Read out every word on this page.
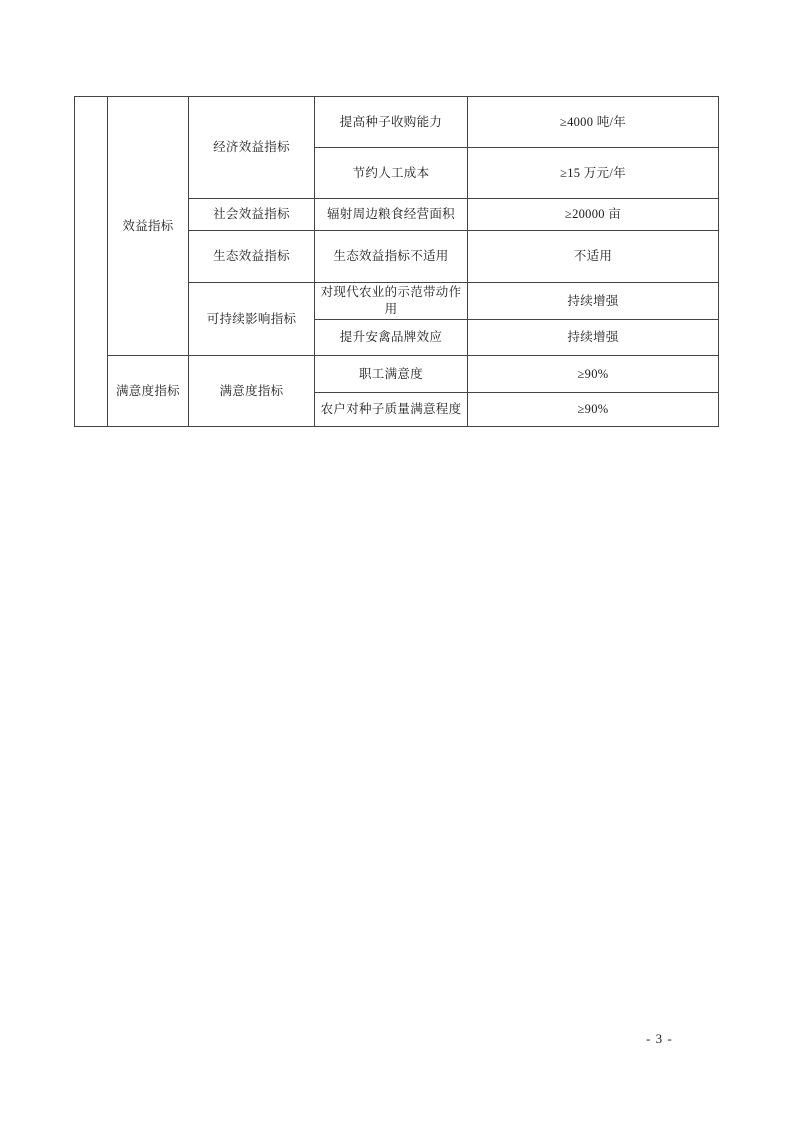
	效益指标	经济效益指标	提高种子收购能力	≥4000 吨/年
			节约人工成本	≥15 万元/年
		社会效益指标	辐射周边粮食经营面积	≥20000 亩
		生态效益指标	生态效益指标不适用	不适用
		可持续影响指标	对现代农业的示范带动作用	持续增强
			提升安禽品牌效应	持续增强
	满意度指标	满意度指标	职工满意度	≥90%
			农户对种子质量满意程度	≥90%
- 3 -
